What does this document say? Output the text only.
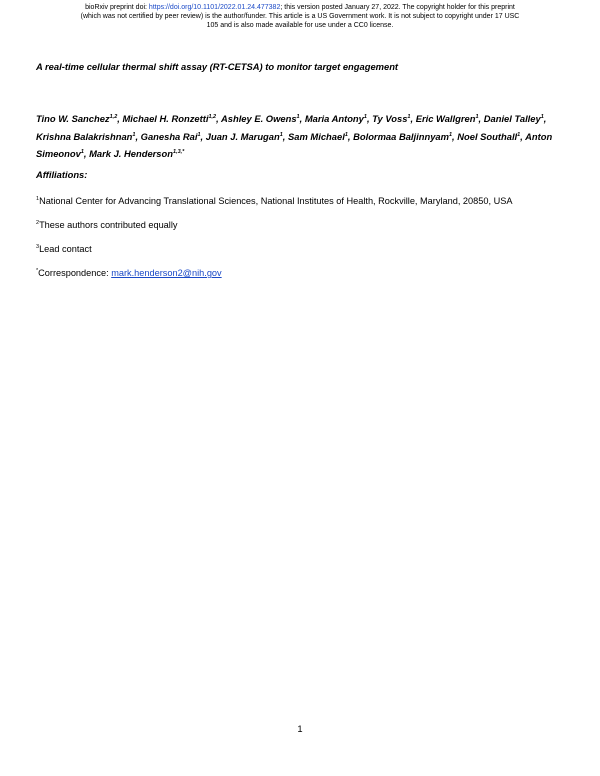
bioRxiv preprint doi: https://doi.org/10.1101/2022.01.24.477382; this version posted January 27, 2022. The copyright holder for this preprint
(which was not certified by peer review) is the author/funder. This article is a US Government work. It is not subject to copyright under 17 USC
105 and is also made available for use under a CC0 license.
A real-time cellular thermal shift assay (RT-CETSA) to monitor target engagement
Tino W. Sanchez$^{1,2}$, Michael H. Ronzetti$^{1,2}$, Ashley E. Owens$^1$, Maria Antony$^1$, Ty Voss$^1$, Eric Wallgren$^1$, Daniel Talley$^1$, Krishna Balakrishnan$^1$, Ganesha Rai$^1$, Juan J. Marugan$^1$, Sam Michael$^1$, Bolormaa Baljinnyam$^1$, Noel Southall$^1$, Anton Simeonov$^1$, Mark J. Henderson$^{1,3,*}$
Affiliations:
$^1$National Center for Advancing Translational Sciences, National Institutes of Health, Rockville, Maryland, 20850, USA
$^2$These authors contributed equally
$^3$Lead contact
*Correspondence: mark.henderson2@nih.gov
1
